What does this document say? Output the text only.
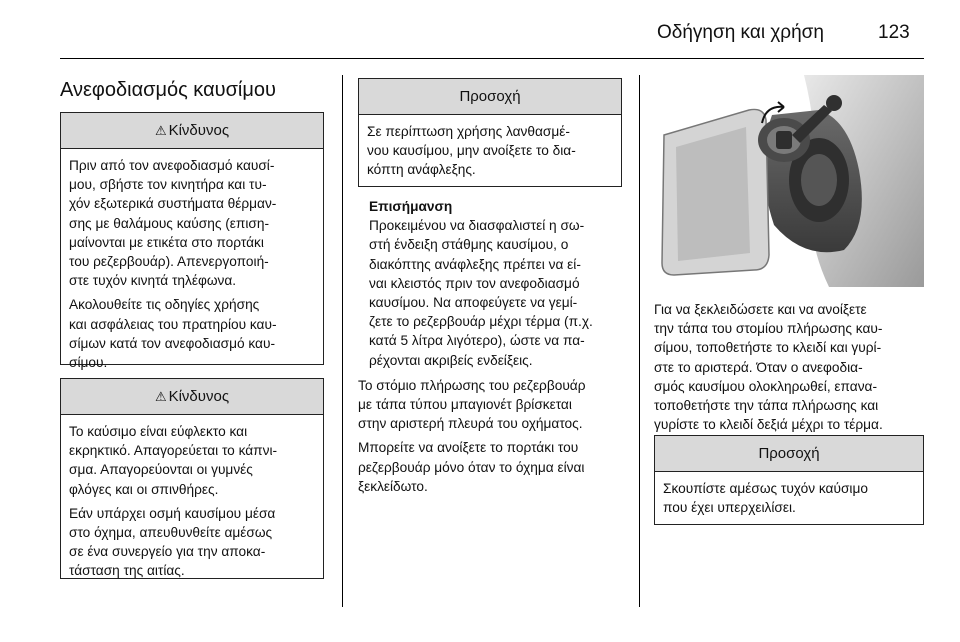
Οδήγηση και χρήση	123
Ανεφοδιασμός καυσίμου
⚠ Κίνδυνος

Πριν από τον ανεφοδιασμό καυσί-
μου, σβήστε τον κινητήρα και τυ-
χόν εξωτερικά συστήματα θέρμαν-
σης με θαλάμους καύσης (επιση-
μαίνονται με ετικέτα στο πορτάκι
του ρεζερβουάρ). Απενεργοποιή-
στε τυχόν κινητά τηλέφωνα.

Ακολουθείτε τις οδηγίες χρήσης
και ασφάλειας του πρατηρίου καυ-
σίμων κατά τον ανεφοδιασμό καυ-
σίμου.

⚠ Κίνδυνος

Το καύσιμο είναι εύφλεκτο και
εκρηκτικό. Απαγορεύεται το κάπνι-
σμα. Απαγορεύονται οι γυμνές
φλόγες και οι σπινθήρες.

Εάν υπάρχει οσμή καυσίμου μέσα
στο όχημα, απευθυνθείτε αμέσως
σε ένα συνεργείο για την αποκα-
τάσταση της αιτίας.

Προσοχή
Σε περίπτωση χρήσης λανθασμέ-
νου καυσίμου, μην ανοίξετε το δια-
κόπτη ανάφλεξης.
Επισήμανση
Προκειμένου να διασφαλιστεί η σω-
στή ένδειξη στάθμης καυσίμου, ο
διακόπτης ανάφλεξης πρέπει να εί-
ναι κλειστός πριν τον ανεφοδιασμό
καυσίμου. Να αποφεύγετε να γεμί-
ζετε το ρεζερβουάρ μέχρι τέρμα (π.χ.
κατά 5 λίτρα λιγότερο), ώστε να πα-
ρέχονται ακριβείς ενδείξεις.

Το στόμιο πλήρωσης του ρεζερβουάρ
με τάπα τύπου μπαγιονέτ βρίσκεται
στην αριστερή πλευρά του οχήματος.

Μπορείτε να ανοίξετε το πορτάκι του
ρεζερβουάρ μόνο όταν το όχημα είναι
ξεκλείδωτο.

Για να ξεκλειδώσετε και να ανοίξετε
την τάπα του στομίου πλήρωσης καυ-
σίμου, τοποθετήστε το κλειδί και γυρί-
στε το αριστερά. Όταν ο ανεφοδια-
σμός καυσίμου ολοκληρωθεί, επανα-
τοποθετήστε την τάπα πλήρωσης και
γυρίστε το κλειδί δεξιά μέχρι το τέρμα.
Προσοχή
Σκουπίστε αμέσως τυχόν καύσιμο
που έχει υπερχειλίσει.
